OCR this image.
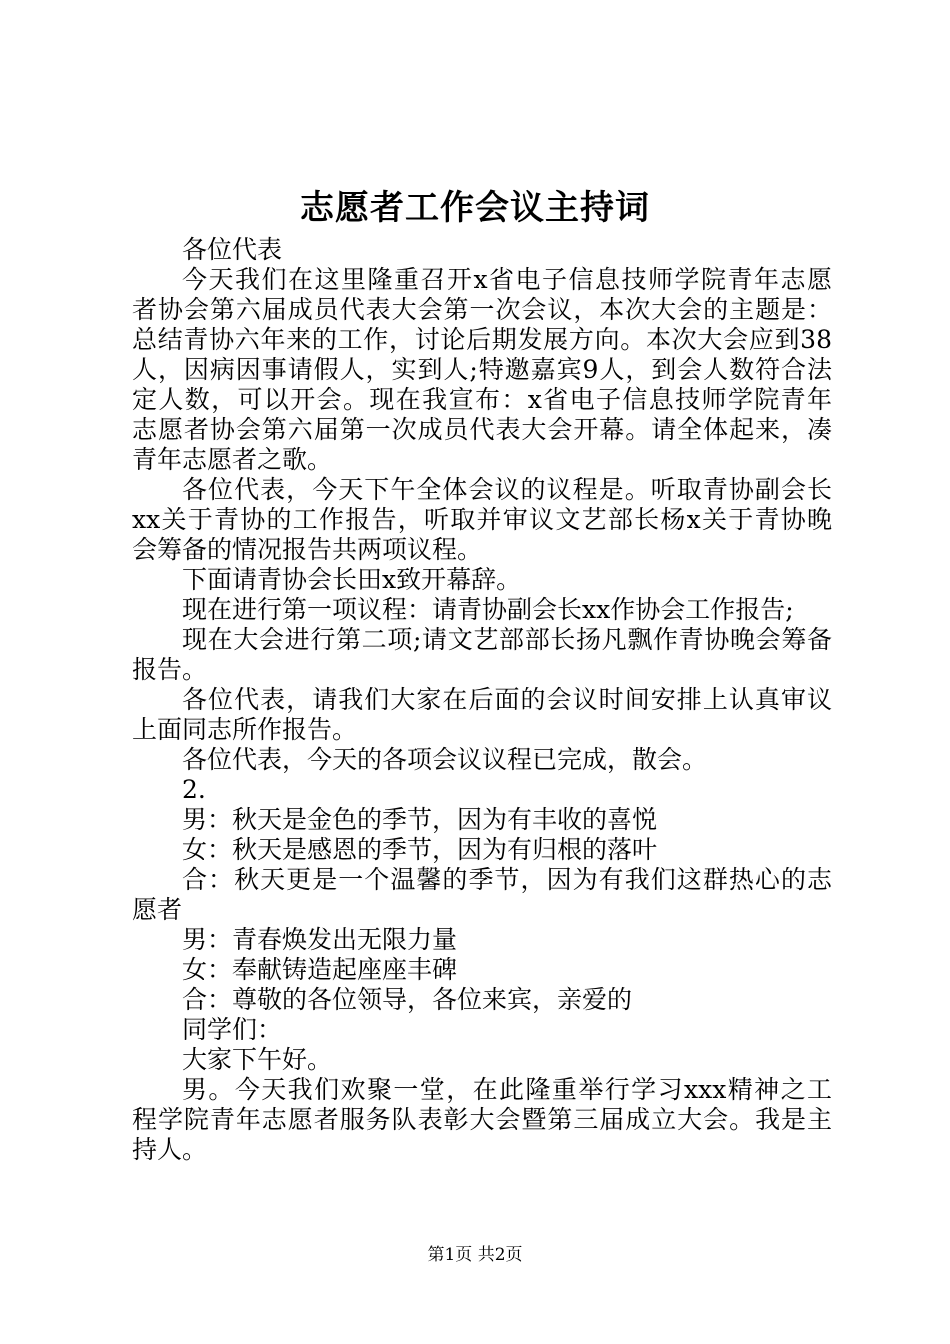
志愿者工作会议主持词
各位代表
今天我们在这里隆重召开x省电子信息技师学院青年志愿
者协会第六届成员代表大会第一次会议，本次大会的主题是：
总结青协六年来的工作，讨论后期发展方向。本次大会应到38
人，因病因事请假人，实到人;特邀嘉宾9人，到会人数符合法
定人数，可以开会。现在我宣布：x省电子信息技师学院青年
志愿者协会第六届第一次成员代表大会开幕。请全体起来，凑
青年志愿者之歌。
各位代表，今天下午全体会议的议程是。听取青协副会长
xx关于青协的工作报告，听取并审议文艺部长杨x关于青协晚
会筹备的情况报告共两项议程。
下面请青协会长田x致开幕辞。
现在进行第一项议程：请青协副会长xx作协会工作报告;
现在大会进行第二项;请文艺部部长扬凡飘作青协晚会筹备
报告。
各位代表，请我们大家在后面的会议时间安排上认真审议
上面同志所作报告。
各位代表，今天的各项会议议程已完成，散会。
2.
男：秋天是金色的季节，因为有丰收的喜悦
女：秋天是感恩的季节，因为有归根的落叶
合：秋天更是一个温馨的季节，因为有我们这群热心的志
愿者
男：青春焕发出无限力量
女：奉献铸造起座座丰碑
合：尊敬的各位领导，各位来宾，亲爱的
同学们：
大家下午好。
男。今天我们欢聚一堂，在此隆重举行学习xxx精神之工
程学院青年志愿者服务队表彰大会暨第三届成立大会。我是主
持人。
第1页 共2页
